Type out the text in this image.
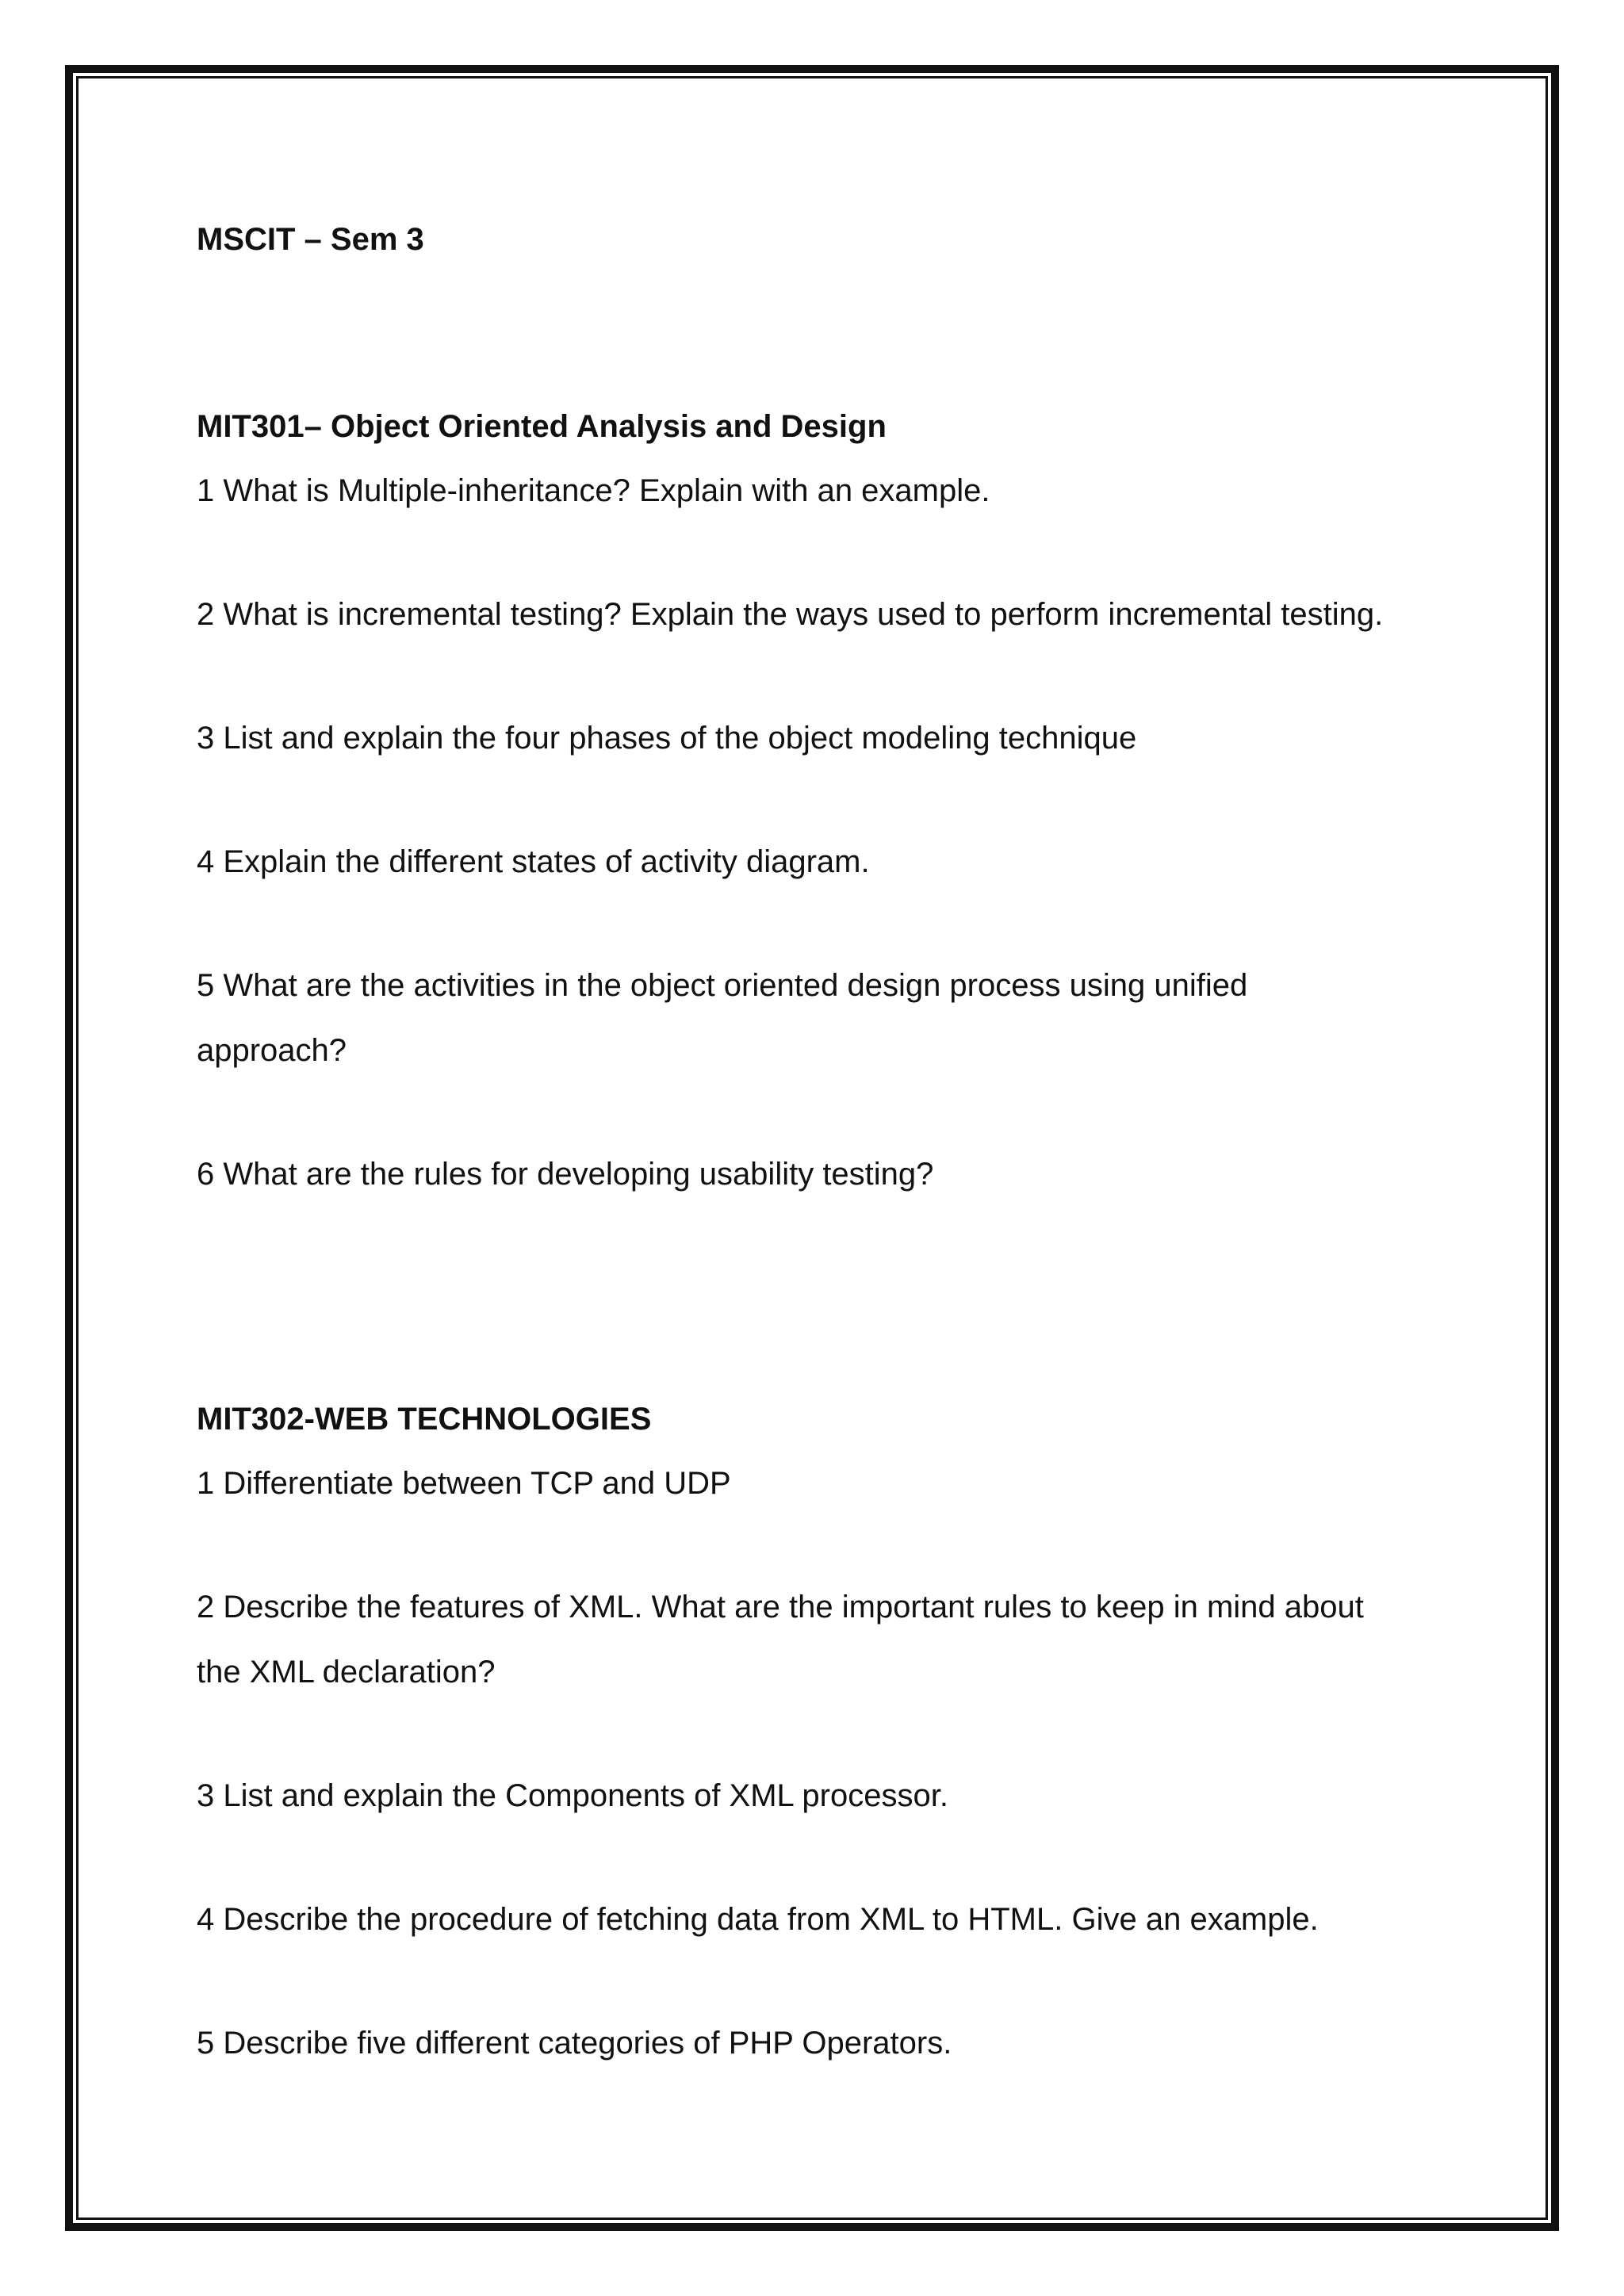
MSCIT – Sem 3
MIT301– Object Oriented Analysis and Design
1 What is Multiple-inheritance? Explain with an example.
2 What is incremental testing? Explain the ways used to perform incremental testing.
3 List and explain the four phases of the object modeling technique
4 Explain the different states of activity diagram.
5 What are the activities in the object oriented design process using unified
approach?
6 What are the rules for developing usability testing?
MIT302-WEB TECHNOLOGIES
1 Differentiate between TCP and UDP
2 Describe the features of XML. What are the important rules to keep in mind about
the XML declaration?
3 List and explain the Components of XML processor.
4 Describe the procedure of fetching data from XML to HTML. Give an example.
5 Describe five different categories of PHP Operators.
